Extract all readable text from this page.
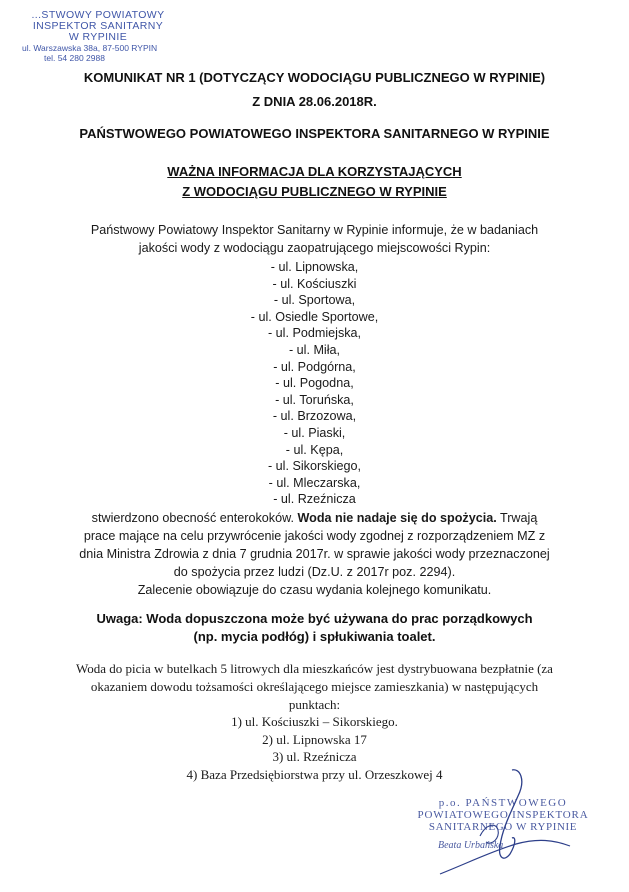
...STWOWY POWIATOWY
INSPEKTOR SANITARNY
W RYPINIE
ul. Warszawska 38a, 87-500 RYPIN
tel. 54 280 2988
KOMUNIKAT NR 1 (DOTYCZĄCY WODOCIĄGU PUBLICZNEGO W RYPINIE)
Z DNIA 28.06.2018R.
PAŃSTWOWEGO POWIATOWEGO INSPEKTORA SANITARNEGO W RYPINIE
WAŻNA INFORMACJA DLA KORZYSTAJĄCYCH
Z WODOCIĄGU PUBLICZNEGO W RYPINIE
Państwowy Powiatowy Inspektor Sanitarny w Rypinie informuje, że w badaniach
jakości wody z wodociągu zaopatrującego miejscowości Rypin:
- ul. Lipnowska,
- ul. Kościuszki
- ul. Sportowa,
- ul. Osiedle Sportowe,
- ul. Podmiejska,
- ul. Miła,
- ul. Podgórna,
- ul. Pogodna,
- ul. Toruńska,
- ul. Brzozowa,
- ul. Piaski,
- ul. Kępa,
- ul. Sikorskiego,
- ul. Mleczarska,
- ul. Rzeźnicza
stwierdzono obecność enterokoków. Woda nie nadaje się do spożycia. Trwają
prace mające na celu przywrócenie jakości wody zgodnej z rozporządzeniem MZ z
dnia Ministra Zdrowia z dnia 7 grudnia 2017r. w sprawie jakości wody przeznaczonej
do spożycia przez ludzi (Dz.U. z 2017r poz. 2294).
Zalecenie obowiązuje do czasu wydania kolejnego komunikatu.
Uwaga: Woda dopuszczona może być używana do prac porządkowych
(np. mycia podłóg) i spłukiwania toalet.
Woda do picia w butelkach 5 litrowych dla mieszkańców jest dystrybuowana bezpłatnie (za
okazaniem dowodu tożsamości określającego miejsce zamieszkania) w następujących
punktach:
1) ul. Kościuszki – Sikorskiego.
2) ul. Lipnowska 17
3) ul. Rzeźnicza
4) Baza Przedsiębiorstwa przy ul. Orzeszkowej 4
p.o. PAŃSTWOWEGO
POWIATOWEGO INSPEKTORA
SANITARNEGO W RYPINIE
Beata Urbańska
